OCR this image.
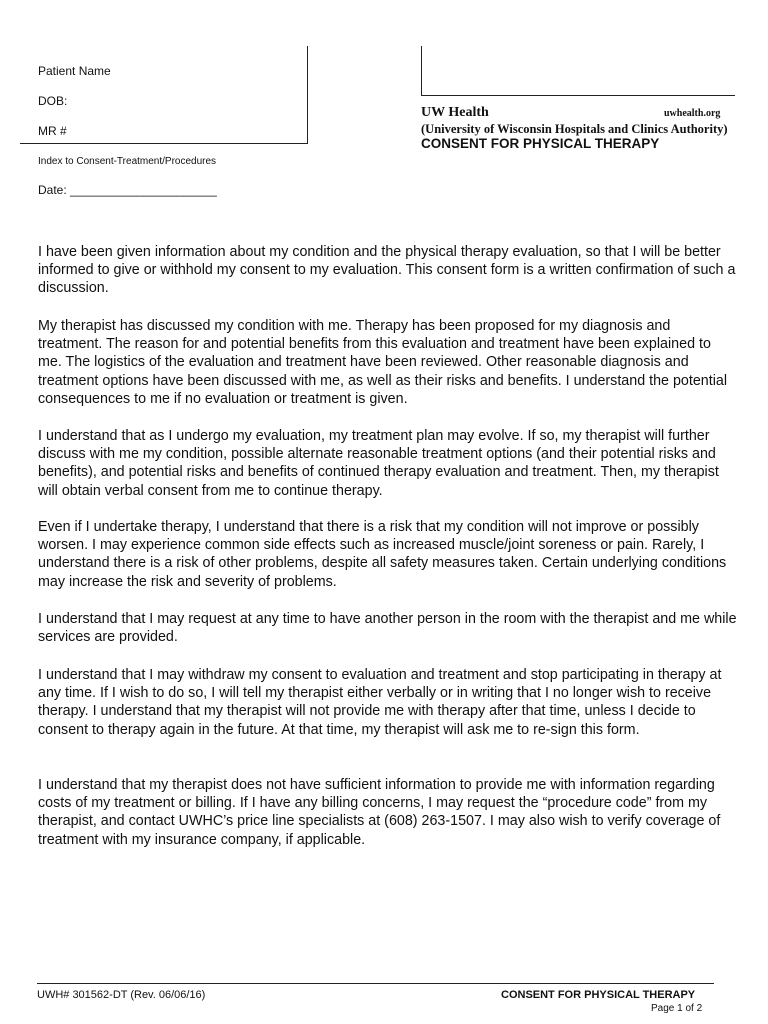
Patient Name
DOB:
MR #
Index to Consent-Treatment/Procedures
Date: ______________________
UW Health	uwhealth.org
(University of Wisconsin Hospitals and Clinics Authority)
CONSENT FOR PHYSICAL THERAPY

I have been given information about my condition and the physical therapy evaluation, so that I will be better informed to give or withhold my consent to my evaluation. This consent form is a written confirmation of such a discussion.

My therapist has discussed my condition with me. Therapy has been proposed for my diagnosis and treatment. The reason for and potential benefits from this evaluation and treatment have been explained to me. The logistics of the evaluation and treatment have been reviewed. Other reasonable diagnosis and treatment options have been discussed with me, as well as their risks and benefits. I understand the potential consequences to me if no evaluation or treatment is given.

I understand that as I undergo my evaluation, my treatment plan may evolve. If so, my therapist will further discuss with me my condition, possible alternate reasonable treatment options (and their potential risks and benefits), and potential risks and benefits of continued therapy evaluation and treatment. Then, my therapist will obtain verbal consent from me to continue therapy.

Even if I undertake therapy, I understand that there is a risk that my condition will not improve or possibly worsen. I may experience common side effects such as increased muscle/joint soreness or pain. Rarely, I understand there is a risk of other problems, despite all safety measures taken. Certain underlying conditions may increase the risk and severity of problems.

I understand that I may request at any time to have another person in the room with the therapist and me while services are provided.

I understand that I may withdraw my consent to evaluation and treatment and stop participating in therapy at any time. If I wish to do so, I will tell my therapist either verbally or in writing that I no longer wish to receive therapy. I understand that my therapist will not provide me with therapy after that time, unless I decide to consent to therapy again in the future. At that time, my therapist will ask me to re-sign this form.

I understand that my therapist does not have sufficient information to provide me with information regarding costs of my treatment or billing. If I have any billing concerns, I may request the “procedure code” from my therapist, and contact UWHC’s price line specialists at (608) 263-1507. I may also wish to verify coverage of treatment with my insurance company, if applicable.

UWH# 301562-DT (Rev. 06/06/16)	CONSENT FOR PHYSICAL THERAPY
Page 1 of 2
